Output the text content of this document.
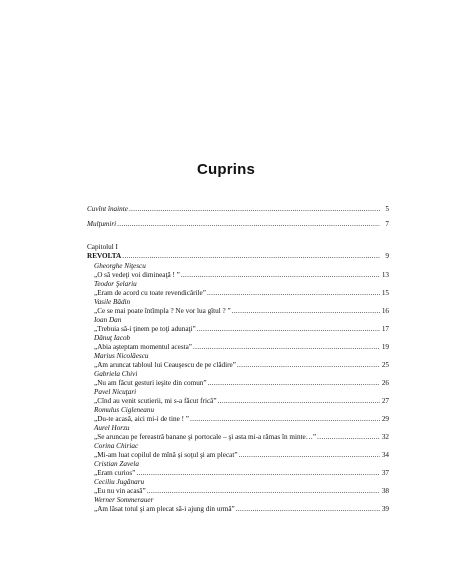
Cuprins
Cuvînt înainte .....	5
Mulţumiri .....	7
Capitolul I
REVOLTA .....	9
Gheorghe Niţescu
„O să vedeţi voi dimineaţă ! ” .....	13
Teodor Şelariu
„Eram de acord cu toate revendicările” .....	15
Vasile Bădin
„Ce se mai poate întîmpla ? Ne vor lua gîtul ? ” .....	16
Ioan Dan
„Trebuia să-i ţinem pe toţi adunaţi” .....	17
Dănuţ Iacob
„Abia aşteptam momentul acesta” .....	19
Marius Nicolăescu
„Am aruncat tabloul lui Ceauşescu de pe clădire” .....	25
Gabriela Chivi
„Nu am făcut gesturi ieşite din comun” .....	26
Pavel Nicuţari
„Cînd au venit scutierii, mi s-a făcut frică” .....	27
Romulus Cigleneanu
„Du-te acasă, aici mi-i de tine ! ” .....	29
Aurel Horzu
„Se aruncau pe fereastră banane şi portocale – şi asta mi-a rămas în minte…” .....	32
Corina Chiriac
„Mi-am luat copilul de mînă şi soţul şi am plecat” .....	34
Cristian Zavela
„Eram curios” .....	37
Ceciliu Jugănaru
„Eu nu vin acasă” .....	38
Werner Sommerauer
„Am lăsat totul şi am plecat să-i ajung din urmă” .....	39
